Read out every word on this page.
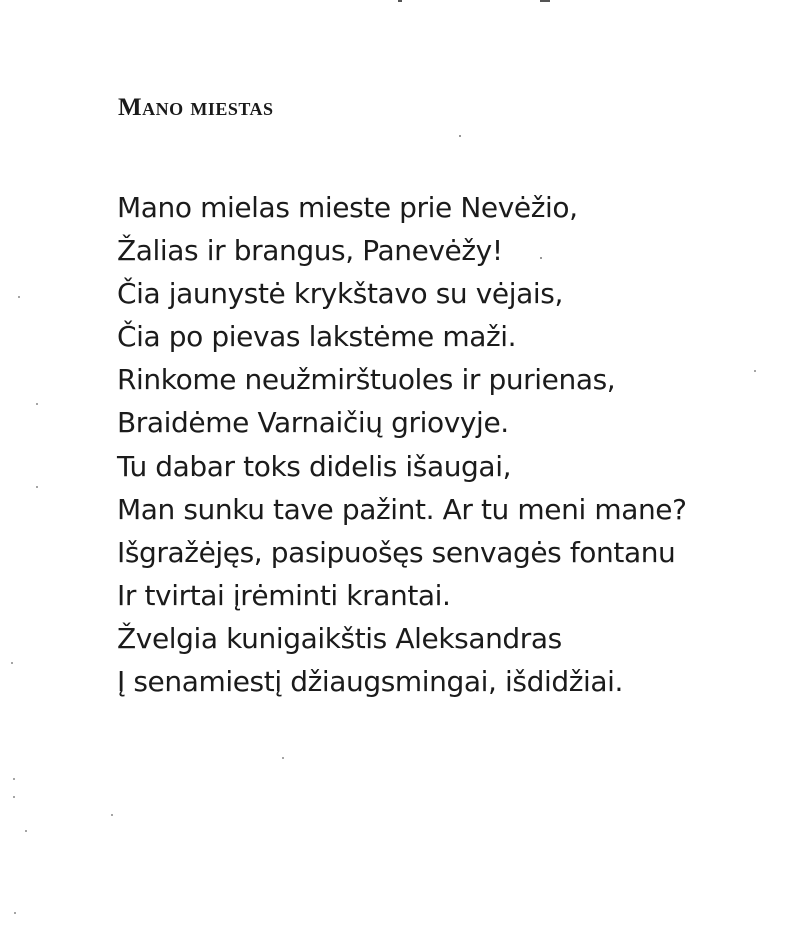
Mano miestas
Mano mielas mieste prie Nevėžio,
Žalias ir brangus, Panevėžy!
Čia jaunystė krykštavo su vėjais,
Čia po pievas lakstėme maži.
Rinkome neužmirštuoles ir purienas,
Braidėme Varnaičių griovyje.
Tu dabar toks didelis išaugai,
Man sunku tave pažint. Ar tu meni mane?
Išgražėjęs, pasipuošęs senvagės fontanu
Ir tvirtai įrėminti krantai.
Žvelgia kunigaikštis Aleksandras
Į senamiestį džiaugsmingai, išdidžiai.
